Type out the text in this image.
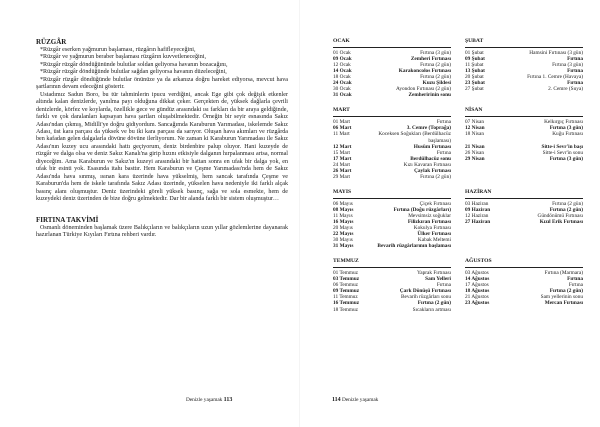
RÜZGÂR

*Rüzgâr eserken yağmurun başlaması, rüzgârın hafifleyeceğini,

*Rüzgâr ve yağmurun beraber başlaması rüzgârın kuvvetleneceğini,

*Rüzgâr rüzgâr döndüğününde bulutlar soldan geliyorsa havanın bozacağını,

*Rüzgâr rüzgâr döndüğünde bulutlar sağdan geliyorsa havanın düzeleceğini,

*Rüzgâr rüzgâr döndüğünde bulutlar önünüze ya da arkanıza doğru hareket ediyorsa, mevcut hava şartlarının devam edeceğini gösterir.

Ustadımız Sadun Boro, bu tür tahminlerin ipucu verdiğini, ancak Ege gibi çok değişik etkenler altında kalan denizlerde, yanılma payı olduğuna dikkat çeker. Gerçekten de, yüksek dağlarla çevrili denizlerde, körfez ve koylarda, özellikle gece ve gündüz arasındaki ısı farkları da bir araya geldiğinde, farklı ve çok daralanları kapsayan hava şartları oluşabilmektedir. Örneğin bir seyir esnasında Sakız Adası'ndan çıkmış, Midilli'ye doğru gidiyordum. Sancağımda Karaburun Yarımadası, iskelemde Sakız Adası, üst kara parçası da yüksek ve bu iki kara parçası da sarıyor. Oluşan hava akımları ve rüzgârda ben kafadan gelen dalgalarla dövüne dövüne ilerliyorum. Ne zaman ki Karaburun Yarımadası ile Sakız Adası'nın kuzey ucu arasındaki hattı geçiyorum, deniz birdenbire palup oluyor. Hani kuzeyde de rüzgâr ve dalga olsa ve deniz Sakız Kanalı'na girip hızını etkisiyle dalganın hırpalanması artsa, normal diyeceğim. Ama Karaburun ve Sakız'ın kuzeyi arasındaki bir hattan sonra en ufak bir dalga yok, en ufak bir esinti yok. Esasında itahı basttır. Hem Karaburun ve Çeşme Yarımadası'nda hem de Sakız Adası'nda hava sınmış, ısınan kara üzerinde hava yükselmiş, hem sancak tarafında Çeşme ve Karaburun'da hem de iskele tarafında Sakız Adası üzerinde, yükselen hava nedeniyle iki farklı alçak basınç alanı oluşmuştur. Deniz üzerindeki göreli yüksek basınç, sağa ve sola esmekte, hem de kuzeydeki deniz üzerinden de bize doğru gelmektedir. Dar bir alanda farklı bir sistem oluşmuştur…

FIRTINA TAKVİMİ

Osmanlı döneminden başlamak üzere Balıkçıların ve balıkçıların uzun yıllar gözlemlerine dayanarak hazırlanan Türkiye Kıyıları Fırtına rehberi vardır.

Denizle yaşamak 113
OCAK
01 Ocak	Fırtına (3 gün)
09 Ocak	Zemheri Fırtınası
12 Ocak	Fırtına (2 gün)
14 Ocak	Karakoncolos Fırtınası
18 Ocak	Fırtına (2 gün)
24 Ocak	Kuzu Şildesi
30 Ocak	Ayondon Fırtınası (2 gün)
31 Ocak	Zemheririnin sonu
ŞUBAT
01 Şubat	Hamsini Fırtınası (3 gün)
09 Şubat	Fırtına
11 Şubat	Fırtına (3 gün)
13 Şubat	Fırtına
20 Şubat	Fırtına 1. Cemre (Havaya)
23 Şubat	Fırtına
27 Şubat	2. Cemre (Suya)
MART
01 Mart	Fırtına
06 Mart	3. Cemre (Toprağa)
11 Mart	Koceksen Soğukları (Berdülhacüz başlaması)
12 Mart	Husüm Fırtınası
15 Mart	Fırtına
17 Mart	Berdülhacüz sonu
24 Mart	Kızı Kavaran Fırtınası
26 Mart	Çaylak Fırtınası
29 Mart	Fırtına (2 gün)
NİSAN
07 Nisan	Kelkırgıç Fırtınası
12 Nisan	Fırtına (3 gün)
18 Nisan	Kuğu Fırtınası
21 Nisan	Sitte-i Sevr'in başı
26 Nisan	Sitte-i Sevr'in sonu
29 Nisan	Fırtına (3 gün)
MAYIS
06 Mayıs	Çiçek Fırtınası
08 Mayıs	Fırtına (Doğu rüzgârları)
11 Mayıs	Mevsimsiz soğuklar
16 Mayıs	Filizkıran Fırtınası
20 Mayıs	Kokulya Fırtınası
22 Mayıs	Ülker Fırtınası
30 Mayıs	Kabak Meltemi
31 Mayıs	Bevarih rüzgârlarının başlaması
HAZİRAN
03 Haziran	Fırtına (2 gün)
09 Haziran	Fırtına (2 gün)
12 Haziran	Gündönümü Fırtınası
27 Haziran	Kızıl Erik Fırtınası
TEMMUZ
01 Temmuz	Yaprak Fırtınası
03 Temmuz	Sam Yelleri
06 Temmuz	Fırtına
09 Temmuz	Çark Dönüşü Fırtınası
11 Temmuz	Bevarih rüzgârları sonu
16 Temmuz	Fırtına (2 gün)
18 Temmuz	Sıcakların artması
AĞUSTOS
03 Ağustos	Fırtına (Marmara)
14 Ağustos	Fırtına
17 Ağustos	Fırtına
18 Ağustos	Fırtına (2 gün)
21 Ağustos	Sam yellerinin sonu
23 Ağustos	Mercan Fırtınası
114 Denizle yaşamak
